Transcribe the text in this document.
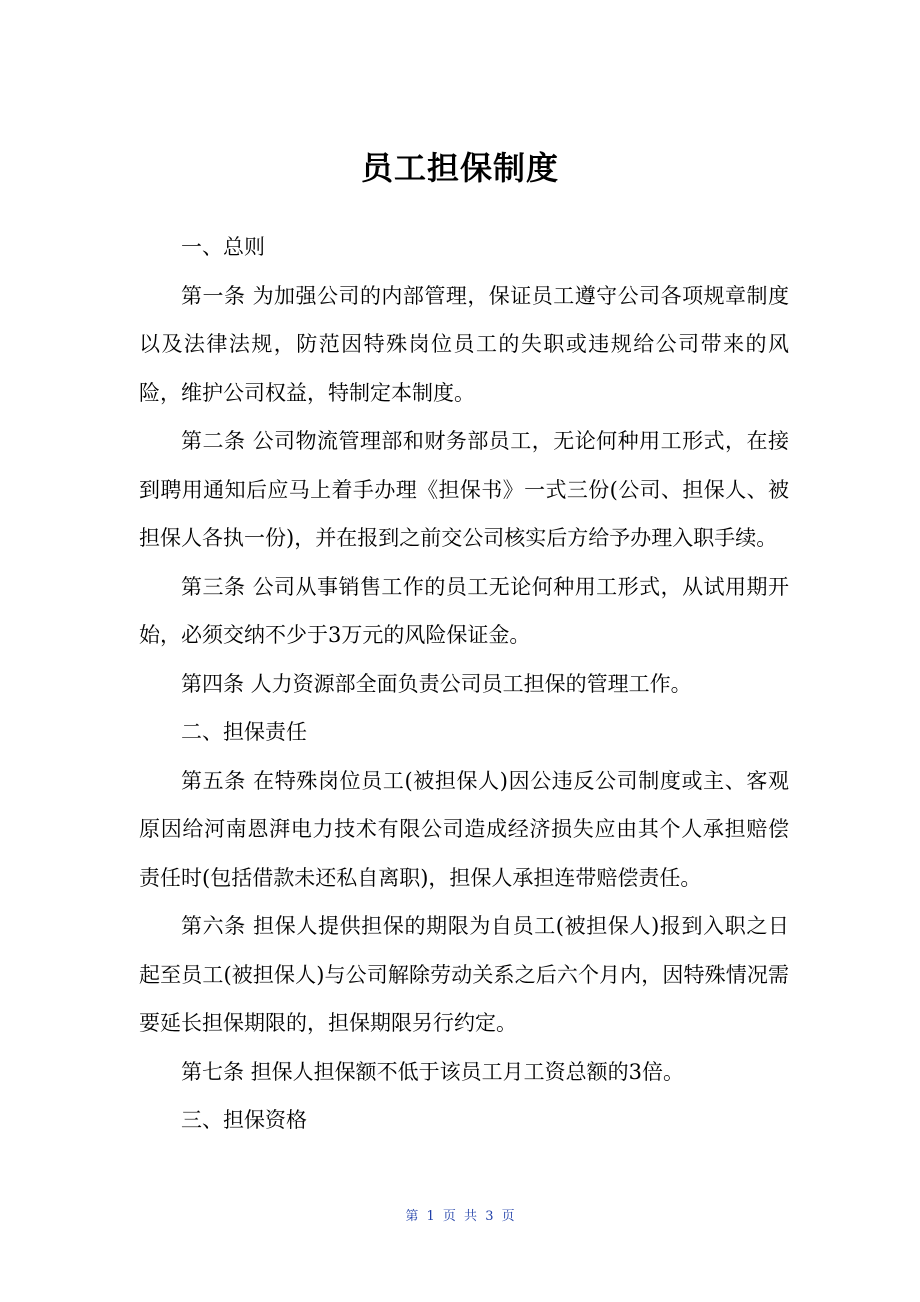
员工担保制度

一、总则

第一条 为加强公司的内部管理，保证员工遵守公司各项规章制度以及法律法规，防范因特殊岗位员工的失职或违规给公司带来的风险，维护公司权益，特制定本制度。

第二条 公司物流管理部和财务部员工，无论何种用工形式，在接到聘用通知后应马上着手办理《担保书》一式三份(公司、担保人、被担保人各执一份)，并在报到之前交公司核实后方给予办理入职手续。

第三条 公司从事销售工作的员工无论何种用工形式，从试用期开始，必须交纳不少于3万元的风险保证金。

第四条 人力资源部全面负责公司员工担保的管理工作。

二、担保责任

第五条 在特殊岗位员工(被担保人)因公违反公司制度或主、客观原因给河南恩湃电力技术有限公司造成经济损失应由其个人承担赔偿责任时(包括借款未还私自离职)，担保人承担连带赔偿责任。

第六条 担保人提供担保的期限为自员工(被担保人)报到入职之日起至员工(被担保人)与公司解除劳动关系之后六个月内，因特殊情况需要延长担保期限的，担保期限另行约定。

第七条 担保人担保额不低于该员工月工资总额的3倍。

三、担保资格

第 1 页 共 3 页
